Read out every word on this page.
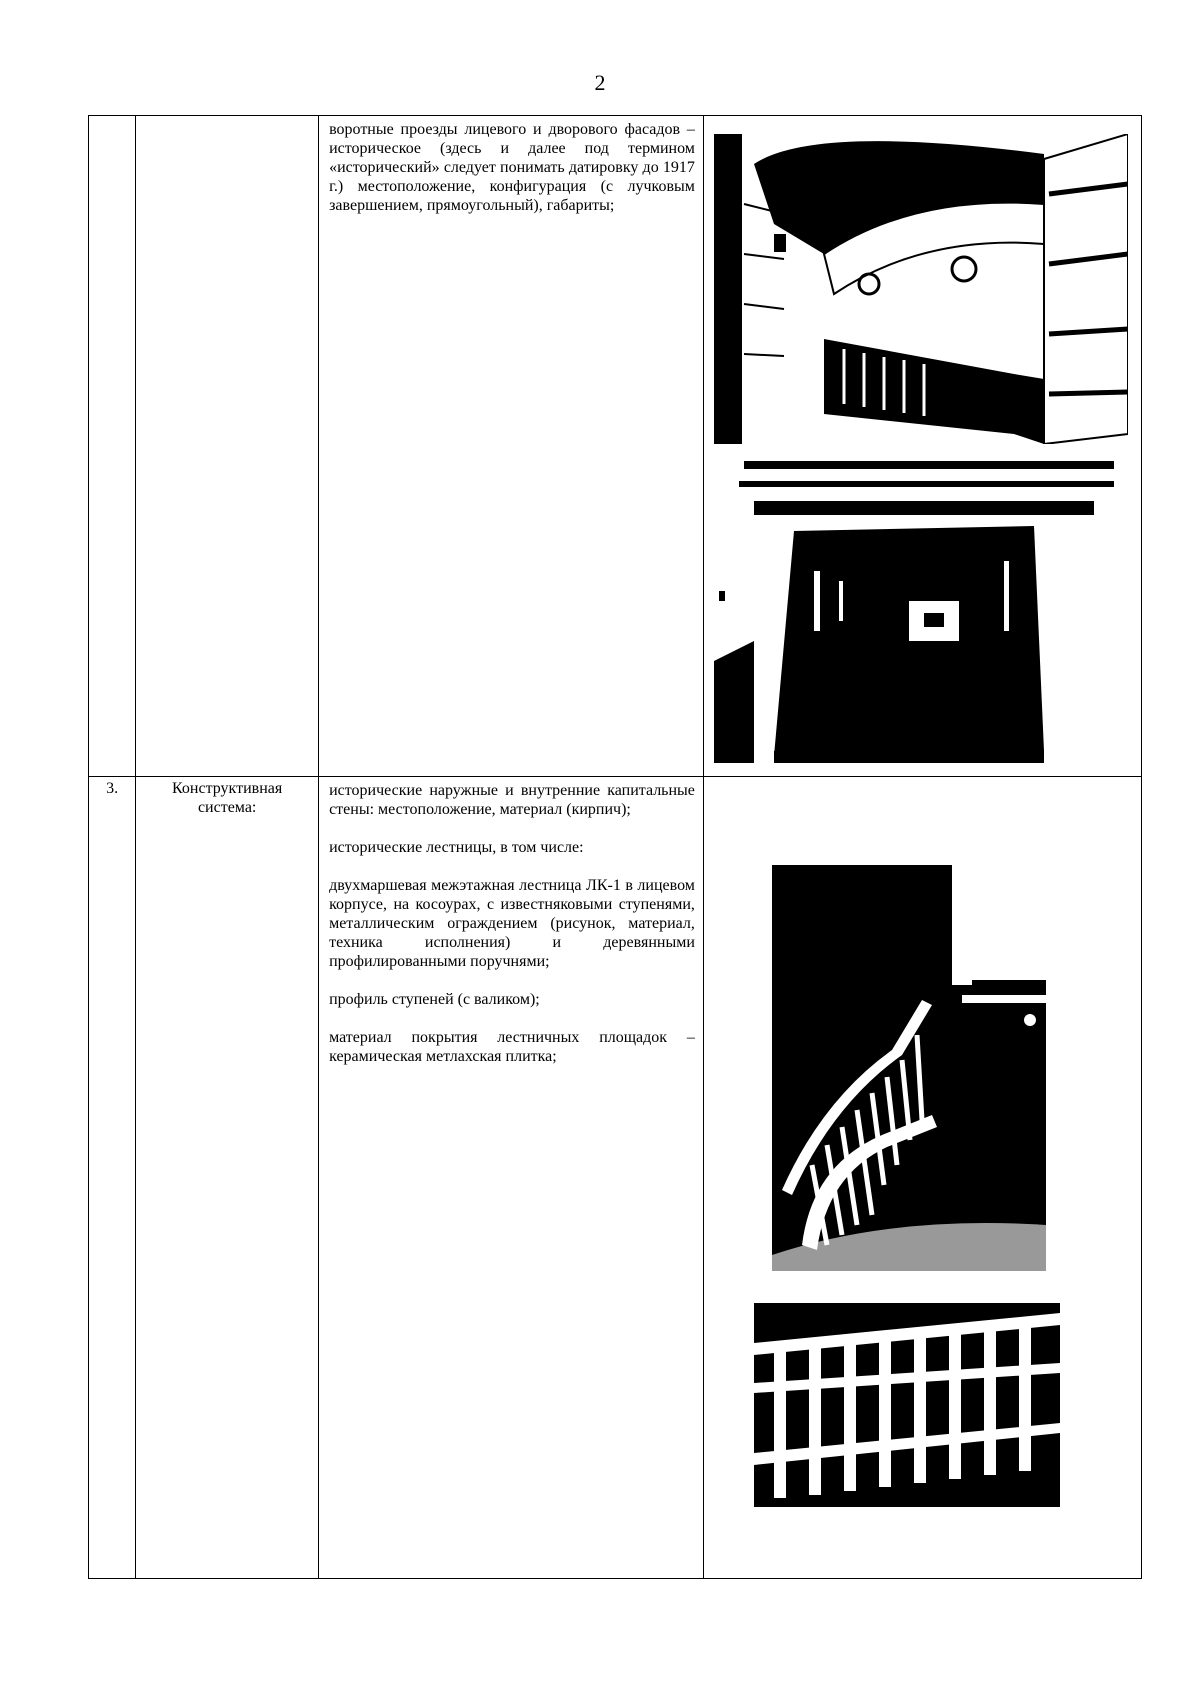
2

		воротные проезды лицевого и дворового фасадов – историческое (здесь и далее под термином «исторический» следует понимать датировку до 1917 г.) местоположение, конфигурация (с лучковым завершением, прямоугольный), габариты;

3.	Конструктивная система:	исторические наружные и внутренние капитальные стены: местоположение, материал (кирпич);

исторические лестницы, в том числе:

двухмаршевая межэтажная лестница ЛК-1 в лицевом корпусе, на косоурах, с известняковыми ступенями, металлическим ограждением (рисунок, материал, техника исполнения) и деревянными профилированными поручнями;

профиль ступеней (с валиком);

материал покрытия лестничных площадок – керамическая метлахская плитка;
